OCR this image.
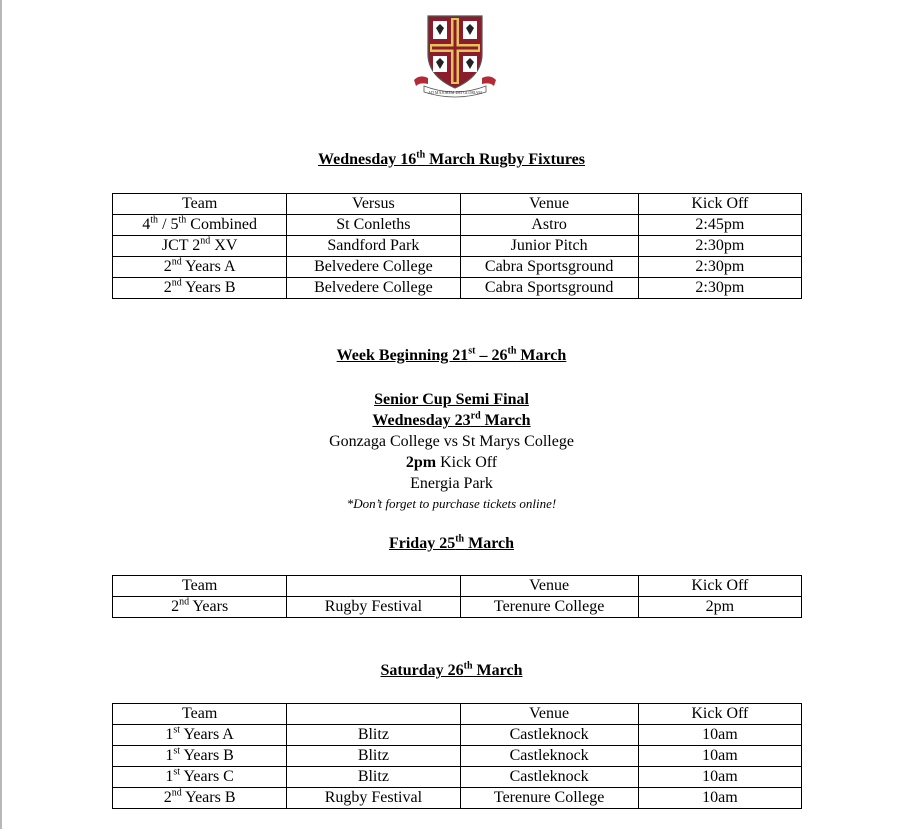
AD MAJOREM DEI GLORIAM

Wednesday 16th March Rugby Fixtures

Team	Versus	Venue	Kick Off
4th / 5th Combined	St Conleths	Astro	2:45pm
JCT 2nd XV	Sandford Park	Junior Pitch	2:30pm
2nd Years A	Belvedere College	Cabra Sportsground	2:30pm
2nd Years B	Belvedere College	Cabra Sportsground	2:30pm

Week Beginning 21st – 26th March

Senior Cup Semi Final

Wednesday 23rd March

Gonzaga College vs St Marys College

2pm Kick Off

Energia Park

*Don’t forget to purchase tickets online!

Friday 25th March

Team		Venue	Kick Off
2nd Years	Rugby Festival	Terenure College	2pm

Saturday 26th March

Team		Venue	Kick Off
1st Years A	Blitz	Castleknock	10am
1st Years B	Blitz	Castleknock	10am
1st Years C	Blitz	Castleknock	10am
2nd Years B	Rugby Festival	Terenure College	10am
